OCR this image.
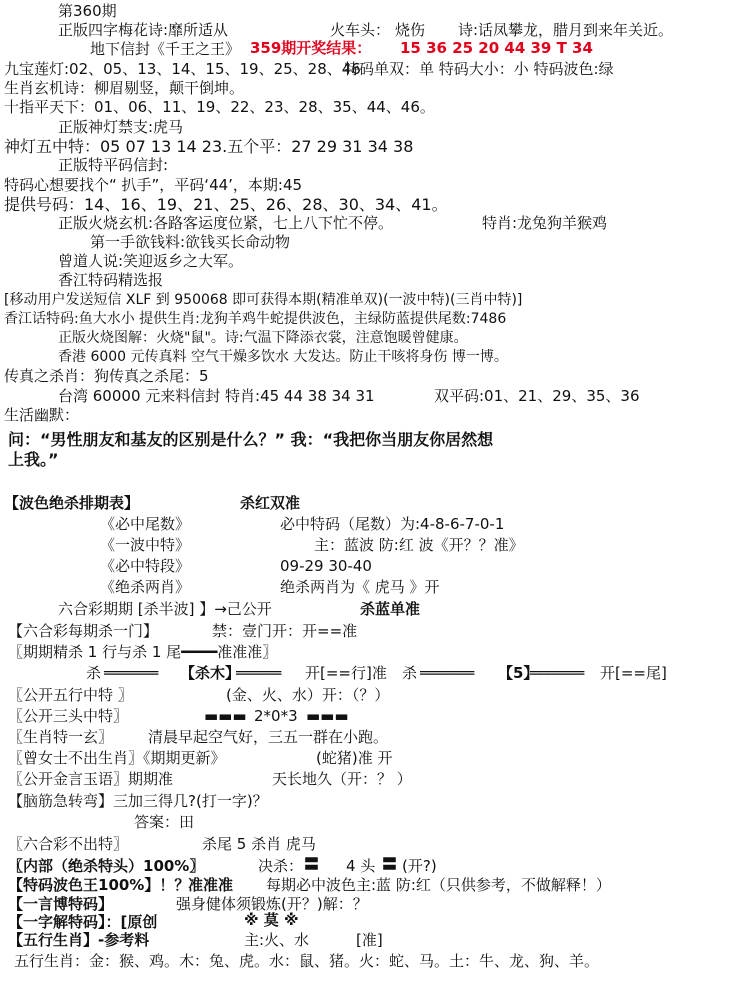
第360期
正版四字梅花诗:靡所适从	火车头： 烧伤 诗:话凤攀龙，腊月到来年关近。
地下信封《千王之王》 359期开奖结果： 15 36 25 20 44 39 T 34
九宝莲灯:02、05、13、14、15、19、25、28、46
特码单双：单 特码大小：小 特码波色:绿
生肖玄机诗：柳眉剔竖，颠干倒坤。
十指平天下：01、06、11、19、22、23、28、35、44、46。
正版神灯禁支:虎马
神灯五中特：05 07 13 14 23.五个平：27 29 31 34 38
正版特平码信封:
特码心想要找个“ 扒手”，平码‘44’，本期:45
提供号码：14、16、19、21、25、26、28、30、34、41。
正版火烧玄机:各路客运度位紧，七上八下忙不停。	特肖:龙兔狗羊猴鸡
第一手欲钱料:欲钱买长命动物
曾道人说:笑迎返乡之大军。
香江特码精选报
[移动用户发送短信 XLF 到 950068 即可获得本期(精准单双)(一波中特)(三肖中特)]
香江话特码:鱼大水小 提供生肖:龙狗羊鸡牛蛇提供波色，主绿防蓝提供尾数:7486
正版火烧图解：火烧"鼠"。诗:气温下降添衣裳，注意饱暖曾健康。
香港 6000 元传真料 空气干燥多饮水 大发达。防止干咳将身伤 博一博。
传真之杀肖：狗传真之杀尾：5
台湾 60000 元来料信封 特肖:45 44 38 34 31	双平码:01、21、29、35、36
生活幽默：
问：“男性朋友和基友的区别是什么？” 我：“我把你当朋友你居然想
上我。”
【波色绝杀排期表】	杀红双准
《必中尾数》	必中特码（尾数）为:4-8-6-7-0-1
《一波中特》	主：蓝波 防:红 波《开？？准》
《必中特段》	09-29 30-40
《绝杀两肖》	绝杀两肖为《 虎马 》开
六合彩期期 [杀半波] 】→己公开	杀蓝单准
【六合彩每期杀一门】	禁：壹门开：开==准
〖期期精杀 1 行与杀 1 尾━━━━准准准〗
杀 ══════ 【杀木】
═════ 开[==行]准 杀 ══════ 【5】
══════ 开[==尾]
〖公开五行中特 〗	(金、火、水）开：（？）
〖公开三头中特〗	▬▬▬ 2*0*3 ▬▬▬
〖生肖特一玄〗 清晨早起空气好，三五一群在小跑。
〖曾女士不出生肖〗《期期更新》	(蛇猪)准 开
〖公开金言玉语〗期期准	天长地久（开：？ ）
【脑筋急转弯】三加三得几?(打一字)？
答案：田
〖六合彩不出特〗	杀尾 5 杀肖 虎马
〖内部（绝杀特头）100%〗	决杀： 〓 4 头 〓 (开?)
【特码波色王100%】！？
准准准 每期必中波色主:蓝 防:红（只供参考，不做解释！）
【一言博特码】	强身健体须锻炼(开？)解：？
【一字解特码】：[原创	※ 莫 ※
【五行生肖】-参考料	主:火、水	[准]
五行生肖：金：猴、鸡。木：兔、虎。水：鼠、猪。火：蛇、马。土：牛、龙、狗、羊。
